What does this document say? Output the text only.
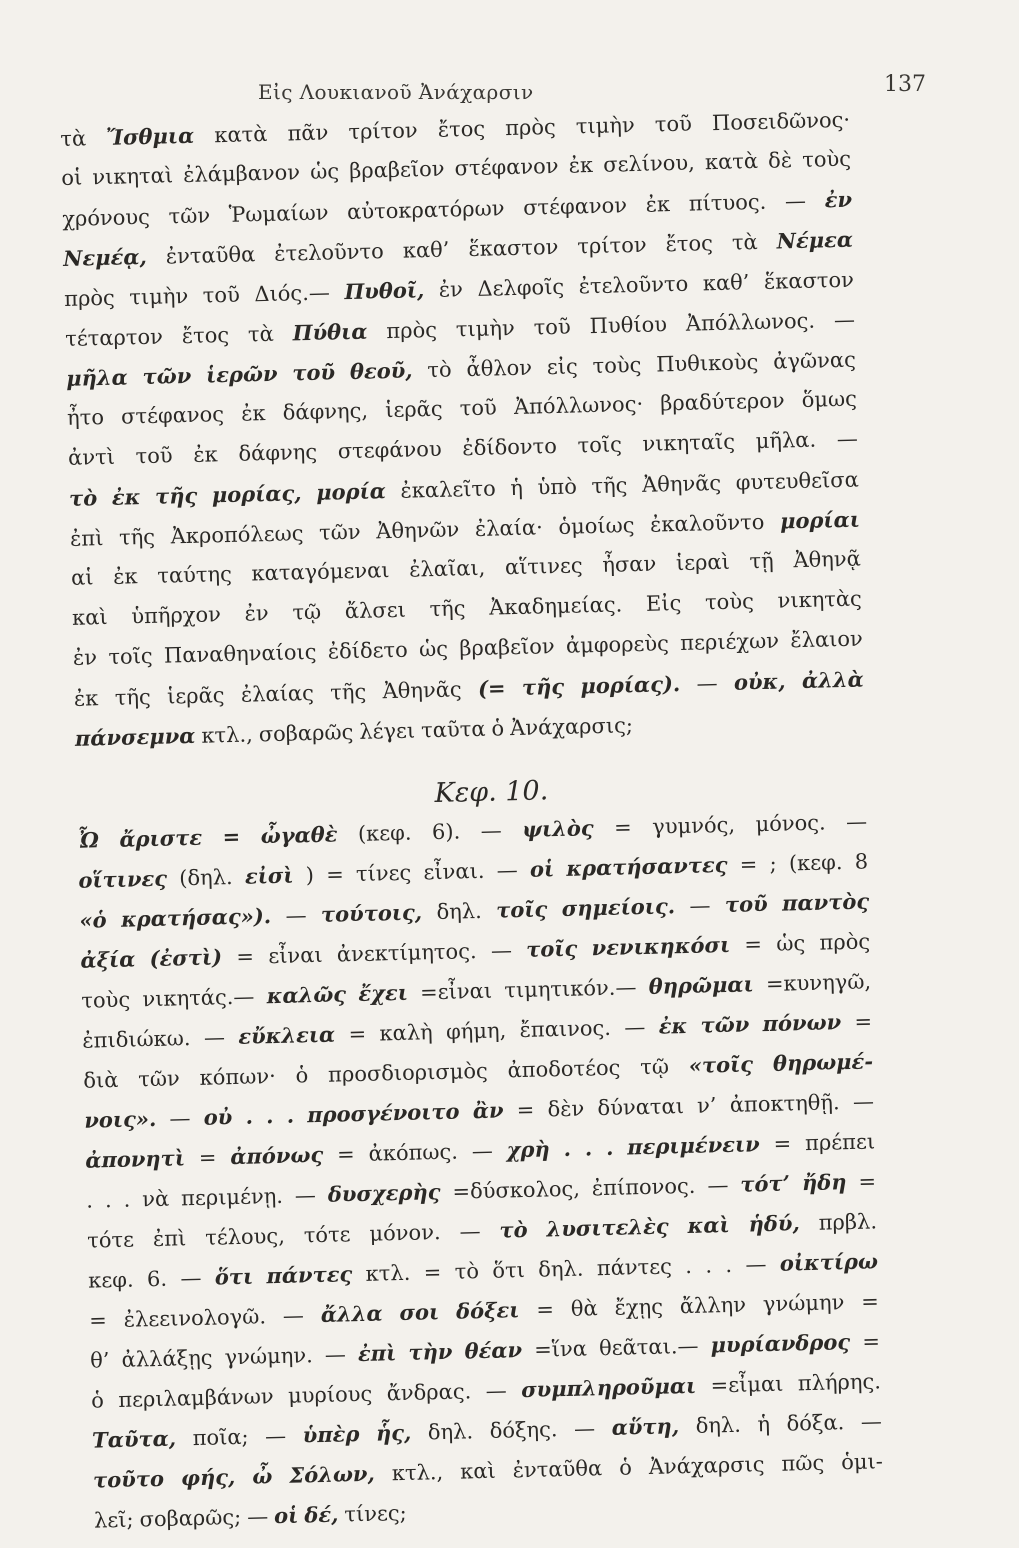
Εἰς Λουκιανοῦ Ἀνάχαρσιν	137
τὰ Ἴσθμια κατὰ πᾶν τρίτον ἔτος πρὸς τιμὴν τοῦ Ποσειδῶνος·
οἱ νικηταὶ ἐλάμβανον ὡς βραβεῖον στέφανον ἐκ σελίνου, κατὰ δὲ τοὺς
χρόνους τῶν Ῥωμαίων αὐτοκρατόρων στέφανον ἐκ πίτυος. — ἐν
Νεμέᾳ, ἐνταῦθα ἐτελοῦντο καθ’ ἕκαστον τρίτον ἔτος τὰ Νέμεα
πρὸς τιμὴν τοῦ Διός.— Πυθοῖ, ἐν Δελφοῖς ἐτελοῦντο καθ’ ἕκαστον
τέταρτον ἔτος τὰ Πύθια πρὸς τιμὴν τοῦ Πυθίου Ἀπόλλωνος. —
μῆλα τῶν ἱερῶν τοῦ θεοῦ, τὸ ἆθλον εἰς τοὺς Πυθικοὺς ἀγῶνας
ἦτο στέφανος ἐκ δάφνης, ἱερᾶς τοῦ Ἀπόλλωνος· βραδύτερον ὅμως
ἀντὶ τοῦ ἐκ δάφνης στεφάνου ἐδίδοντο τοῖς νικηταῖς μῆλα. —
τὸ ἐκ τῆς μορίας, μορία ἐκαλεῖτο ἡ ὑπὸ τῆς Ἀθηνᾶς φυτευθεῖσα
ἐπὶ τῆς Ἀκροπόλεως τῶν Ἀθηνῶν ἐλαία· ὁμοίως ἐκαλοῦντο μορίαι
αἱ ἐκ ταύτης καταγόμεναι ἐλαῖαι, αἵτινες ἦσαν ἱεραὶ τῇ Ἀθηνᾷ
καὶ ὑπῆρχον ἐν τῷ ἄλσει τῆς Ἀκαδημείας. Εἰς τοὺς νικητὰς
ἐν τοῖς Παναθηναίοις ἐδίδετο ὡς βραβεῖον ἀμφορεὺς περιέχων ἔλαιον
ἐκ τῆς ἱερᾶς ἐλαίας τῆς Ἀθηνᾶς (= τῆς μορίας). — οὐκ, ἀλλὰ
πάνσεμνα κτλ., σοβαρῶς λέγει ταῦτα ὁ Ἀνάχαρσις;
Κεφ. 10.
Ὦ ἄριστε = ὦγαθὲ (κεφ. 6). — ψιλὸς = γυμνός, μόνος. —
οἵτινες (δηλ. εἰσὶ ) = τίνες εἶναι. — οἱ κρατήσαντες = ; (κεφ. 8
«ὁ κρατήσας»). — τούτοις, δηλ. τοῖς σημείοις. — τοῦ παντὸς
ἀξία (ἐστὶ) = εἶναι ἀνεκτίμητος. — τοῖς νενικηκόσι = ὡς πρὸς
τοὺς νικητάς.— καλῶς ἔχει =εἶναι τιμητικόν.— θηρῶμαι =κυνηγῶ,
ἐπιδιώκω. — εὔκλεια = καλὴ φήμη, ἔπαινος. — ἐκ τῶν πόνων =
διὰ τῶν κόπων· ὁ προσδιορισμὸς ἀποδοτέος τῷ «τοῖς θηρωμέ-
νοις». — οὐ . . . προσγένοιτο ἂν = δὲν δύναται ν’ ἀποκτηθῇ. —
ἀπονητὶ = ἀπόνως = ἀκόπως. — χρὴ . . . περιμένειν = πρέπει
. . . νὰ περιμένῃ. — δυσχερὴς =δύσκολος, ἐπίπονος. — τότ’ ἤδη =
τότε ἐπὶ τέλους, τότε μόνον. — τὸ λυσιτελὲς καὶ ἡδύ, πρβλ.
κεφ. 6. — ὅτι πάντες κτλ. = τὸ ὅτι δηλ. πάντες . . . — οἰκτίρω
= ἐλεεινολογῶ. — ἄλλα σοι δόξει = θὰ ἔχῃς ἄλλην γνώμην =
θ’ ἀλλάξῃς γνώμην. — ἐπὶ τὴν θέαν =ἵνα θεᾶται.— μυρίανδρος =
ὁ περιλαμβάνων μυρίους ἄνδρας. — συμπληροῦμαι =εἶμαι πλήρης.
Ταῦτα, ποῖα; — ὑπὲρ ἧς, δηλ. δόξης. — αὕτη, δηλ. ἡ δόξα. —
τοῦτο φής, ὦ Σόλων, κτλ., καὶ ἐνταῦθα ὁ Ἀνάχαρσις πῶς ὁμι-
λεῖ; σοβαρῶς; — οἱ δέ, τίνες;
